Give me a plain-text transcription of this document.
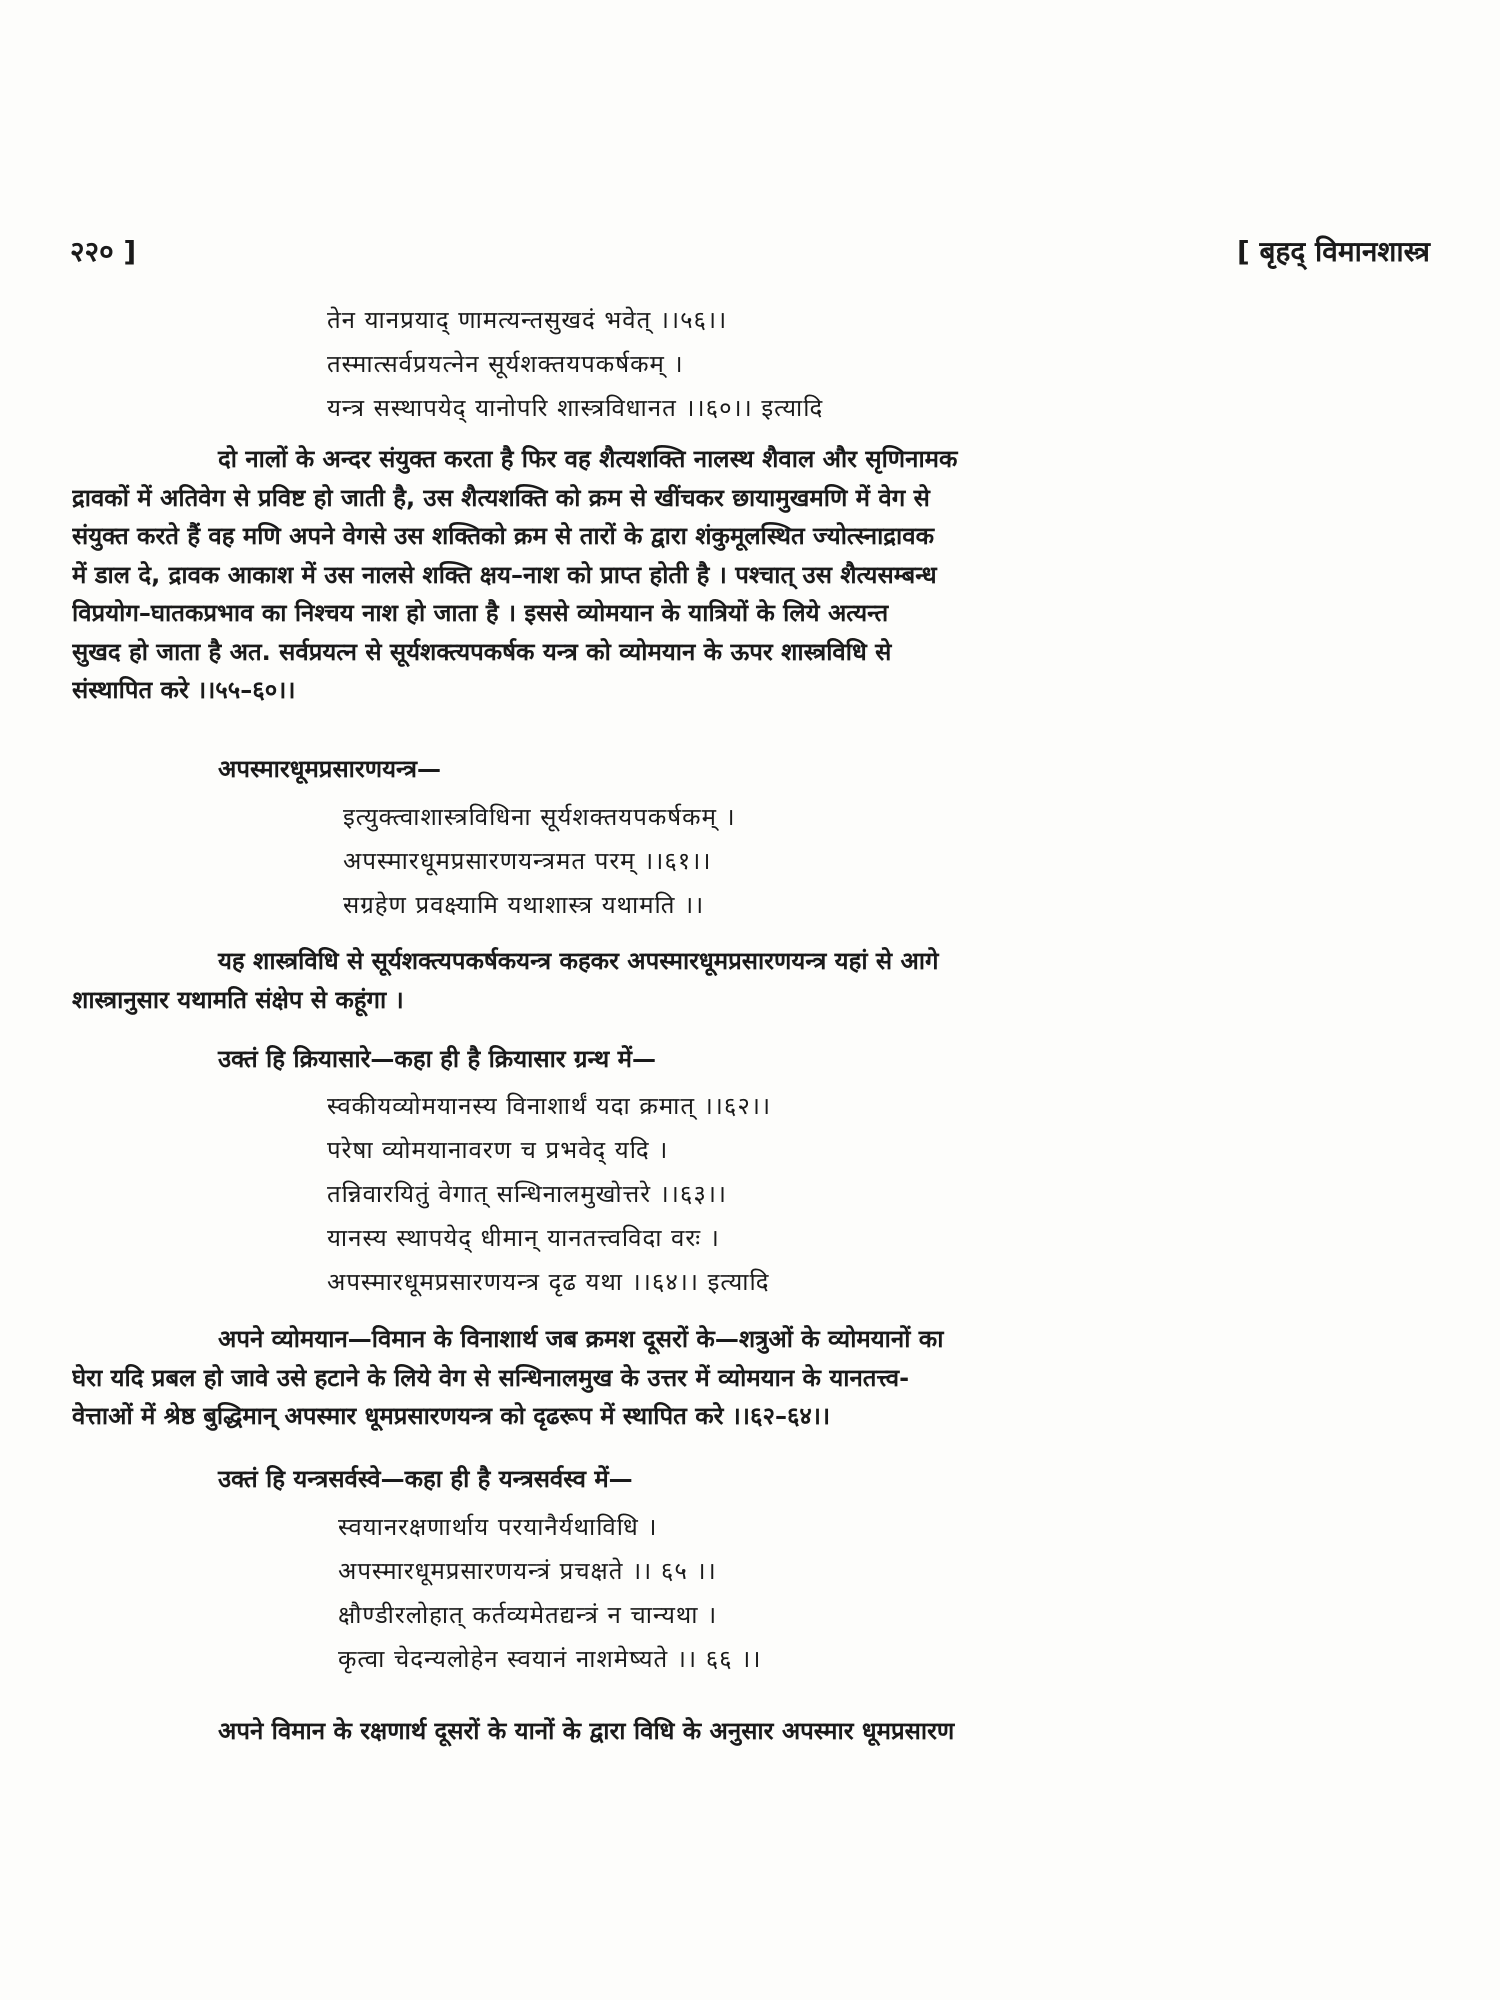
२२० ]	[ बृहद् विमानशास्त्र
तेन यानप्रयाद् णामत्यन्तसुखदं भवेत् ।।५६।।
तस्मात्सर्वप्रयत्नेन सूर्यशक्तयपकर्षकम् ।
यन्त्र सस्थापयेद् यानोपरि शास्त्रविधानत ।।६०।। इत्यादि
दो नालों के अन्दर संयुक्त करता है फिर वह शैत्यशक्ति नालस्थ शैवाल और सृणिनामक
द्रावकों में अतिवेग से प्रविष्ट हो जाती है, उस शैत्यशक्ति को क्रम से खींचकर छायामुखमणि में वेग से
संयुक्त करते हैं वह मणि अपने वेगसे उस शक्तिको क्रम से तारों के द्वारा शंकुमूलस्थित ज्योत्स्नाद्रावक
में डाल दे, द्रावक आकाश में उस नालसे शक्ति क्षय–नाश को प्राप्त होती है । पश्चात् उस शैत्यसम्बन्ध
विप्रयोग–घातकप्रभाव का निश्चय नाश हो जाता है । इससे व्योमयान के यात्रियों के लिये अत्यन्त
सुखद हो जाता है अत. सर्वप्रयत्न से सूर्यशक्त्यपकर्षक यन्त्र को व्योमयान के ऊपर शास्त्रविधि से
संस्थापित करे ।।५५–६०।।
अपस्मारधूमप्रसारणयन्त्र—
इत्युक्त्वाशास्त्रविधिना सूर्यशक्तयपकर्षकम् ।
अपस्मारधूमप्रसारणयन्त्रमत परम् ।।६१।।
सग्रहेण प्रवक्ष्यामि यथाशास्त्र यथामति ।।
यह शास्त्रविधि से सूर्यशक्त्यपकर्षकयन्त्र कहकर अपस्मारधूमप्रसारणयन्त्र यहां से आगे
शास्त्रानुसार यथामति संक्षेप से कहूंगा ।
उक्तं हि क्रियासारे—कहा ही है क्रियासार ग्रन्थ में—
स्वकीयव्योमयानस्य विनाशार्थं यदा क्रमात् ।।६२।।
परेषा व्योमयानावरण च प्रभवेद् यदि ।
तन्निवारयितुं वेगात् सन्धिनालमुखोत्तरे ।।६३।।
यानस्य स्थापयेद् धीमान् यानतत्त्वविदा वरः ।
अपस्मारधूमप्रसारणयन्त्र दृढ यथा ।।६४।। इत्यादि
अपने व्योमयान—विमान के विनाशार्थ जब क्रमश दूसरों के—शत्रुओं के व्योमयानों का
घेरा यदि प्रबल हो जावे उसे हटाने के लिये वेग से सन्धिनालमुख के उत्तर में व्योमयान के यानतत्त्व-
वेत्ताओं में श्रेष्ठ बुद्धिमान् अपस्मार धूमप्रसारणयन्त्र को दृढरूप में स्थापित करे ।।६२–६४।।
उक्तं हि यन्त्रसर्वस्वे—कहा ही है यन्त्रसर्वस्व में—
स्वयानरक्षणार्थाय परयानैर्यथाविधि ।
अपस्मारधूमप्रसारणयन्त्रं प्रचक्षते ।। ६५ ।।
क्षौण्डीरलोहात् कर्तव्यमेतद्यन्त्रं न चान्यथा ।
कृत्वा चेदन्यलोहेन स्वयानं नाशमेष्यते ।। ६६ ।।
अपने विमान के रक्षणार्थ दूसरों के यानों के द्वारा विधि के अनुसार अपस्मार धूमप्रसारण
